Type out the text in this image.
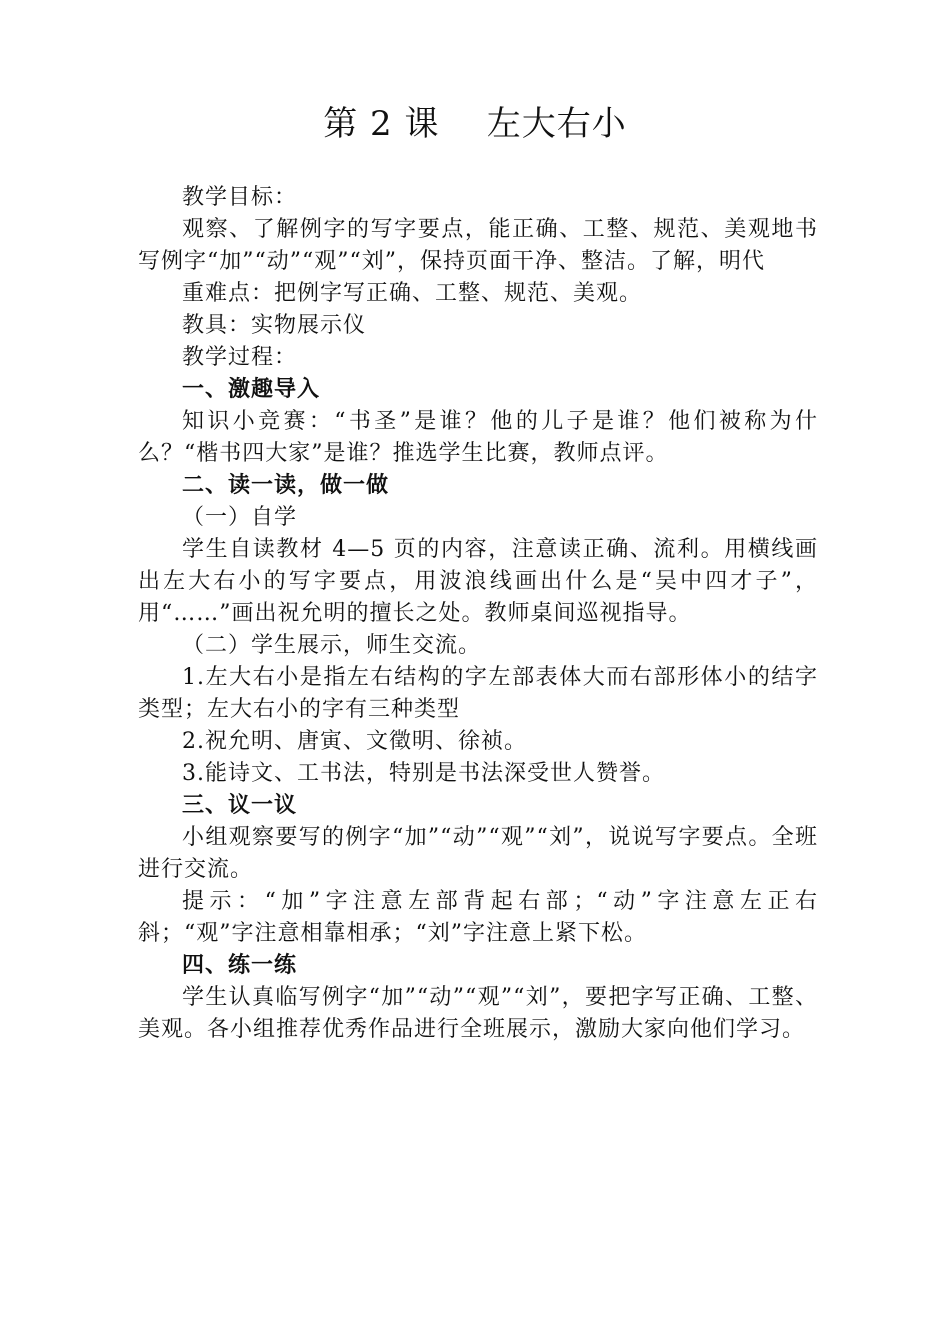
第 2 课    左大右小

教学目标：

观察、了解例字的写字要点，能正确、工整、规范、美观地书写例字“加”“动”“观”“刘”，保持页面干净、整洁。了解，明代

重难点：把例字写正确、工整、规范、美观。

教具：实物展示仪

教学过程：

一、激趣导入

知识小竞赛：“书圣”是谁？他的儿子是谁？他们被称为什么？“楷书四大家”是谁？推选学生比赛，教师点评。

二、读一读，做一做

（一）自学

学生自读教材 4—5 页的内容，注意读正确、流利。用横线画出左大右小的写字要点，用波浪线画出什么是“吴中四才子”，用“……”画出祝允明的擅长之处。教师桌间巡视指导。

（二）学生展示，师生交流。

1.左大右小是指左右结构的字左部表体大而右部形体小的结字类型；左大右小的字有三种类型

2.祝允明、唐寅、文徵明、徐祯。

3.能诗文、工书法，特别是书法深受世人赞誉。

三、议一议

小组观察要写的例字“加”“动”“观”“刘”，说说写字要点。全班进行交流。

提示：“加”字注意左部背起右部；“动”字注意左正右斜；“观”字注意相靠相承；“刘”字注意上紧下松。

四、练一练

学生认真临写例字“加”“动”“观”“刘”，要把字写正确、工整、美观。各小组推荐优秀作品进行全班展示，激励大家向他们学习。
